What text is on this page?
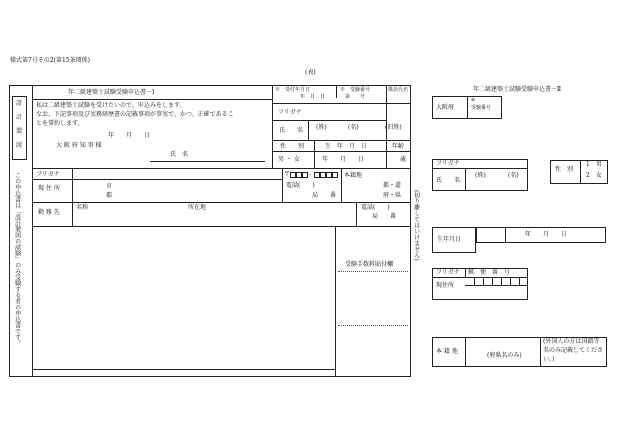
様式第7号その2(第15条関係)
(表)
設
計
製
図
この申込書は「設計製図の試験」のみ受験する者の申込書です。
年二級建築士試験受験申込書－Ⅰ
私は二級建築士試験を受けたいので、申込みをします。
なお、下記事項及び実務経歴書の記載事項が事実で、かつ、正確であるこ
とを誓約します。
年　　月　　日
大 阪 府 知 事 様
氏　名
※　受付年月日
年　月　日
※　受験番号
第　　号
係員氏名
フリガナ
氏　　名 (姓)	(名)	(旧姓)
性　　別	生　年　月　日	年齢
男 ・ 女	年　　月　　日	歳
フリガナ
現 住 所	市
郡
〒	-
電話(　　)
局　　番
本籍地
都・道
府・県
勤 務 先
名称	所在地	電話(　　)
局　　番
受験手数料貼付欄
(切り離してはいけません)
年二級建築士試験受験申込書－Ⅱ
大阪府
※
受験番号
フリガナ
氏　　名
(姓)	(名)
性　別
1　男
2　女
生年月日
年　　月　　日
フリガナ 郵　便　番　号
現住所
本 籍 地
(府県名のみ)
(外国人の方は国籍等
名のみ記載してくださ
い。)
